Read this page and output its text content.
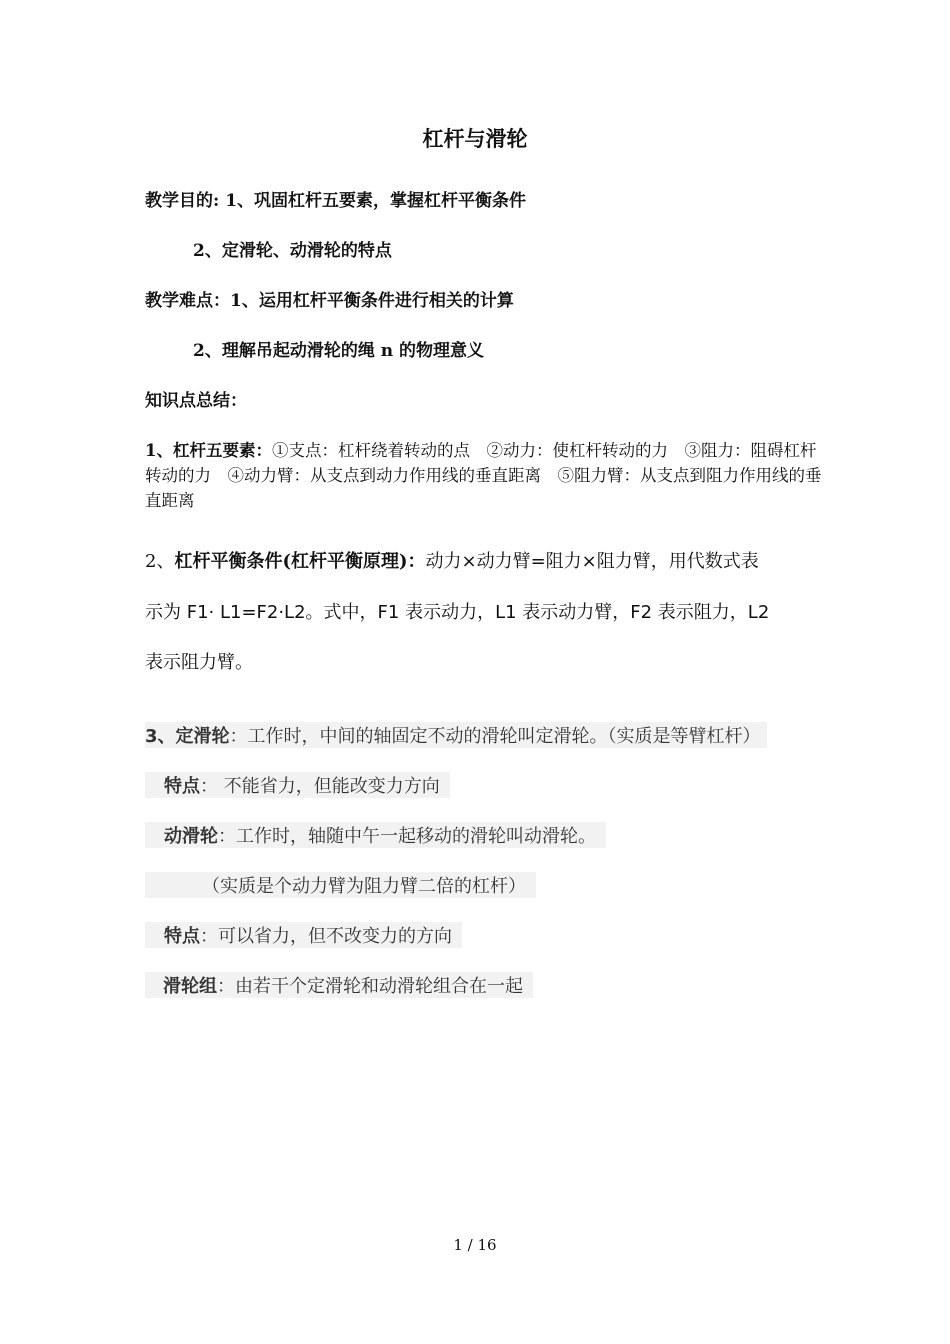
杠杆与滑轮
教学目的: 1、巩固杠杆五要素，掌握杠杆平衡条件
2、定滑轮、动滑轮的特点
教学难点：1、运用杠杆平衡条件进行相关的计算
2、理解吊起动滑轮的绳 n 的物理意义
知识点总结：
1、杠杆五要素：①支点：杠杆绕着转动的点　②动力：使杠杆转动的力　③阻力：阻碍杠杆转动的力　④动力臂：从支点到动力作用线的垂直距离　⑤阻力臂：从支点到阻力作用线的垂直距离
2、杠杆平衡条件(杠杆平衡原理)：动力×动力臂=阻力×阻力臂，用代数式表
示为 F1· L1=F2·L2。式中，F1 表示动力，L1 表示动力臂，F2 表示阻力，L2
表示阻力臂。
3、定滑轮：工作时，中间的轴固定不动的滑轮叫定滑轮。（实质是等臂杠杆）
特点： 不能省力，但能改变力方向
动滑轮：工作时，轴随中午一起移动的滑轮叫动滑轮。
（实质是个动力臂为阻力臂二倍的杠杆）
特点：可以省力，但不改变力的方向
滑轮组：由若干个定滑轮和动滑轮组合在一起
1 / 16
